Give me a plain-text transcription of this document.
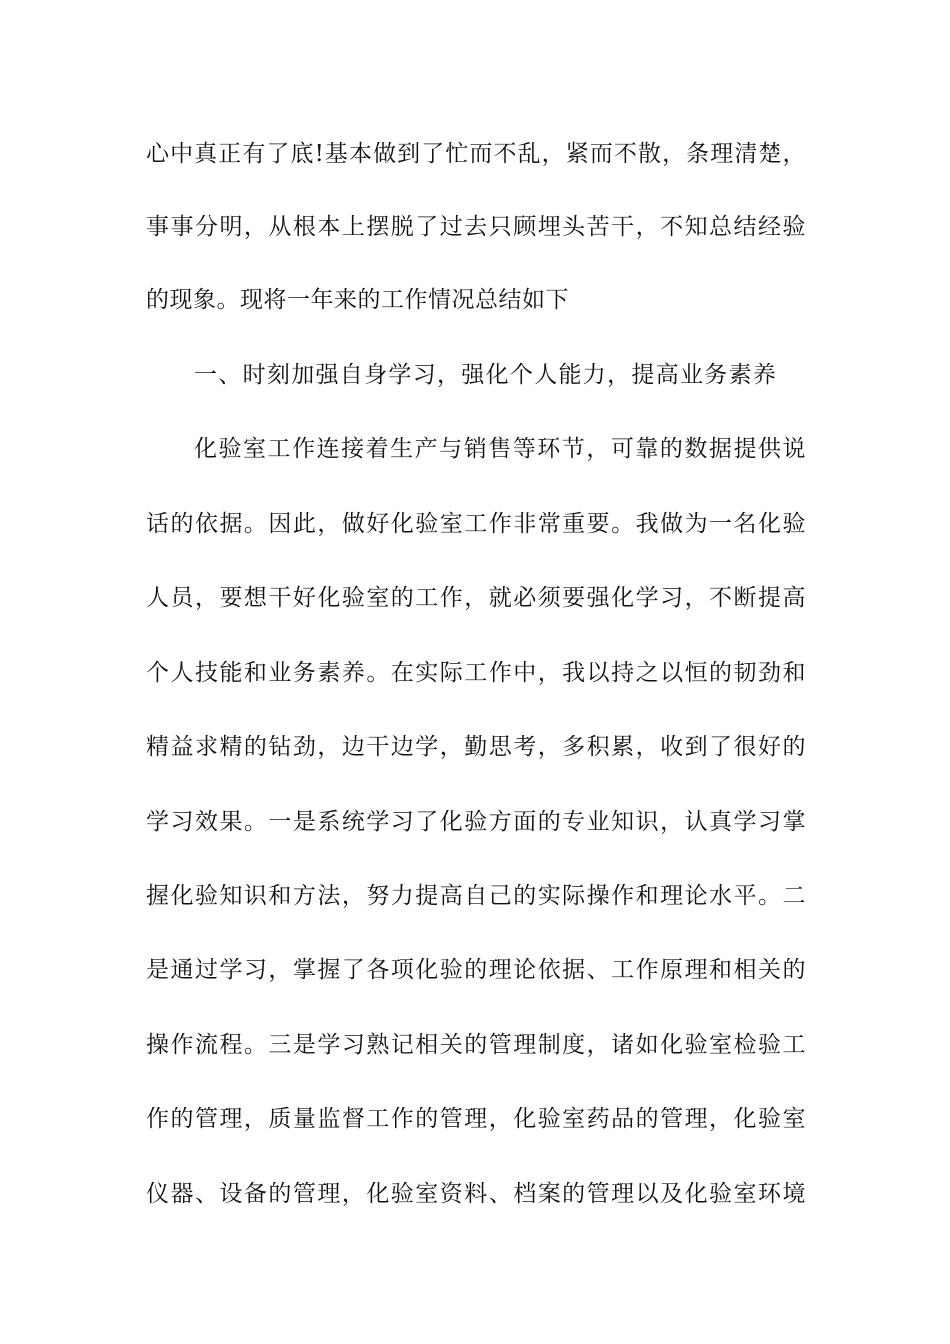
心中真正有了底!基本做到了忙而不乱，紧而不散，条理清楚，
事事分明，从根本上摆脱了过去只顾埋头苦干，不知总结经验
的现象。现将一年来的工作情况总结如下
一、时刻加强自身学习，强化个人能力，提高业务素养
化验室工作连接着生产与销售等环节，可靠的数据提供说
话的依据。因此，做好化验室工作非常重要。我做为一名化验
人员，要想干好化验室的工作，就必须要强化学习，不断提高
个人技能和业务素养。在实际工作中，我以持之以恒的韧劲和
精益求精的钻劲，边干边学，勤思考，多积累，收到了很好的
学习效果。一是系统学习了化验方面的专业知识，认真学习掌
握化验知识和方法，努力提高自己的实际操作和理论水平。二
是通过学习，掌握了各项化验的理论依据、工作原理和相关的
操作流程。三是学习熟记相关的管理制度，诸如化验室检验工
作的管理，质量监督工作的管理，化验室药品的管理，化验室
仪器、设备的管理，化验室资料、档案的管理以及化验室环境
